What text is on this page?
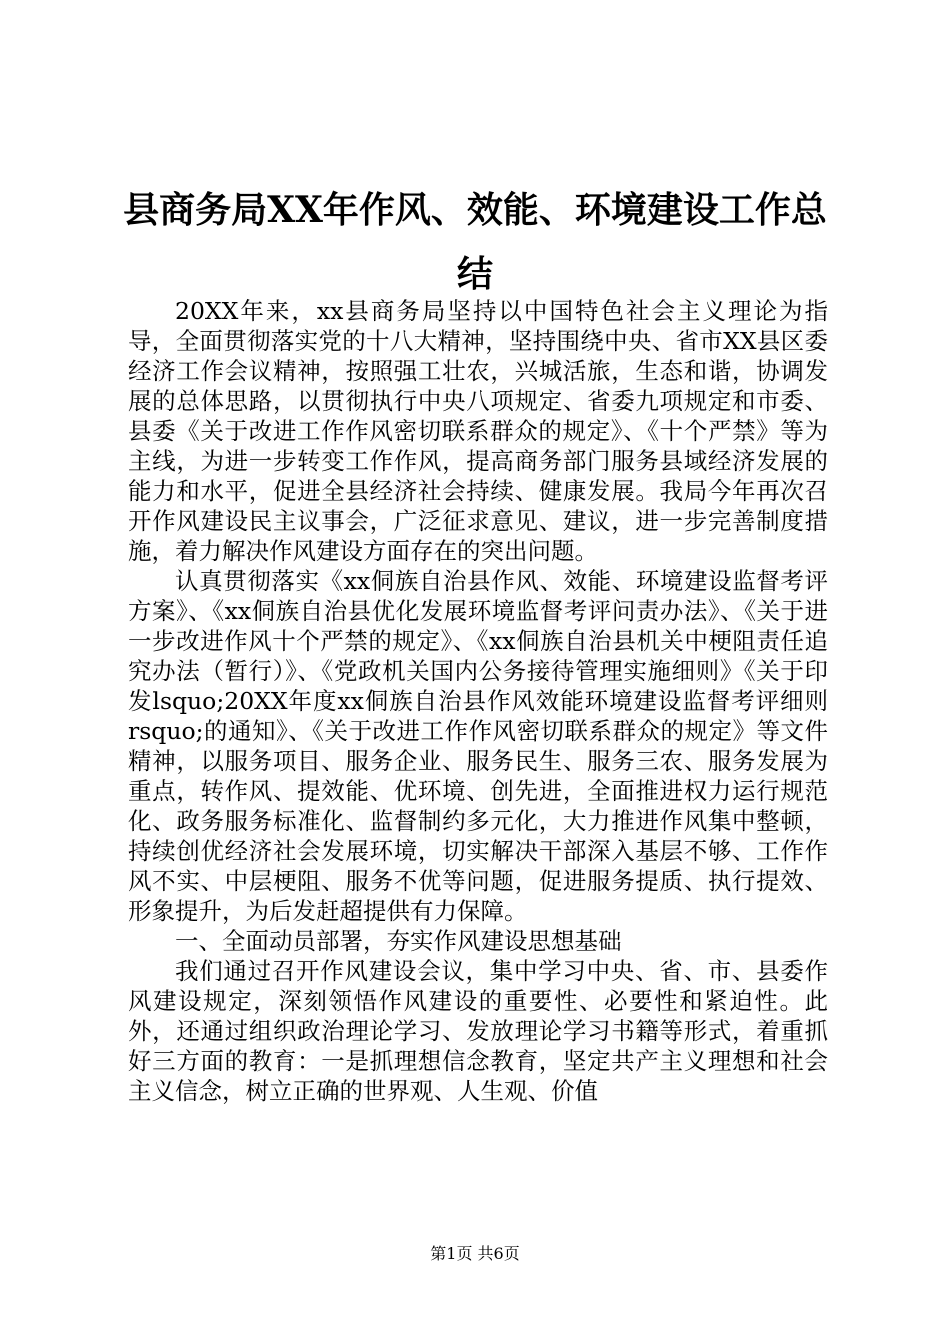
县商务局XX年作风、效能、环境建设工作总结

20XX年来，xx县商务局坚持以中国特色社会主义理论为指导，全面贯彻落实党的十八大精神，坚持围绕中央、省市XX县区委经济工作会议精神，按照强工壮农，兴城活旅，生态和谐，协调发展的总体思路，以贯彻执行中央八项规定、省委九项规定和市委、县委《关于改进工作作风密切联系群众的规定》、《十个严禁》等为主线，为进一步转变工作作风，提高商务部门服务县域经济发展的能力和水平，促进全县经济社会持续、健康发展。我局今年再次召开作风建设民主议事会，广泛征求意见、建议，进一步完善制度措施，着力解决作风建设方面存在的突出问题。

认真贯彻落实《xx侗族自治县作风、效能、环境建设监督考评方案》、《xx侗族自治县优化发展环境监督考评问责办法》、《关于进一步改进作风十个严禁的规定》、《xx侗族自治县机关中梗阻责任追究办法（暂行）》、《党政机关国内公务接待管理实施细则》《关于印发lsquo;20XX年度xx侗族自治县作风效能环境建设监督考评细则rsquo;的通知》、《关于改进工作作风密切联系群众的规定》等文件精神，以服务项目、服务企业、服务民生、服务三农、服务发展为重点，转作风、提效能、优环境、创先进，全面推进权力运行规范化、政务服务标准化、监督制约多元化，大力推进作风集中整顿，持续创优经济社会发展环境，切实解决干部深入基层不够、工作作风不实、中层梗阻、服务不优等问题，促进服务提质、执行提效、形象提升，为后发赶超提供有力保障。

一、全面动员部署，夯实作风建设思想基础

我们通过召开作风建设会议，集中学习中央、省、市、县委作风建设规定，深刻领悟作风建设的重要性、必要性和紧迫性。此外，还通过组织政治理论学习、发放理论学习书籍等形式，着重抓好三方面的教育：一是抓理想信念教育，坚定共产主义理想和社会主义信念，树立正确的世界观、人生观、价值

第1页 共6页
